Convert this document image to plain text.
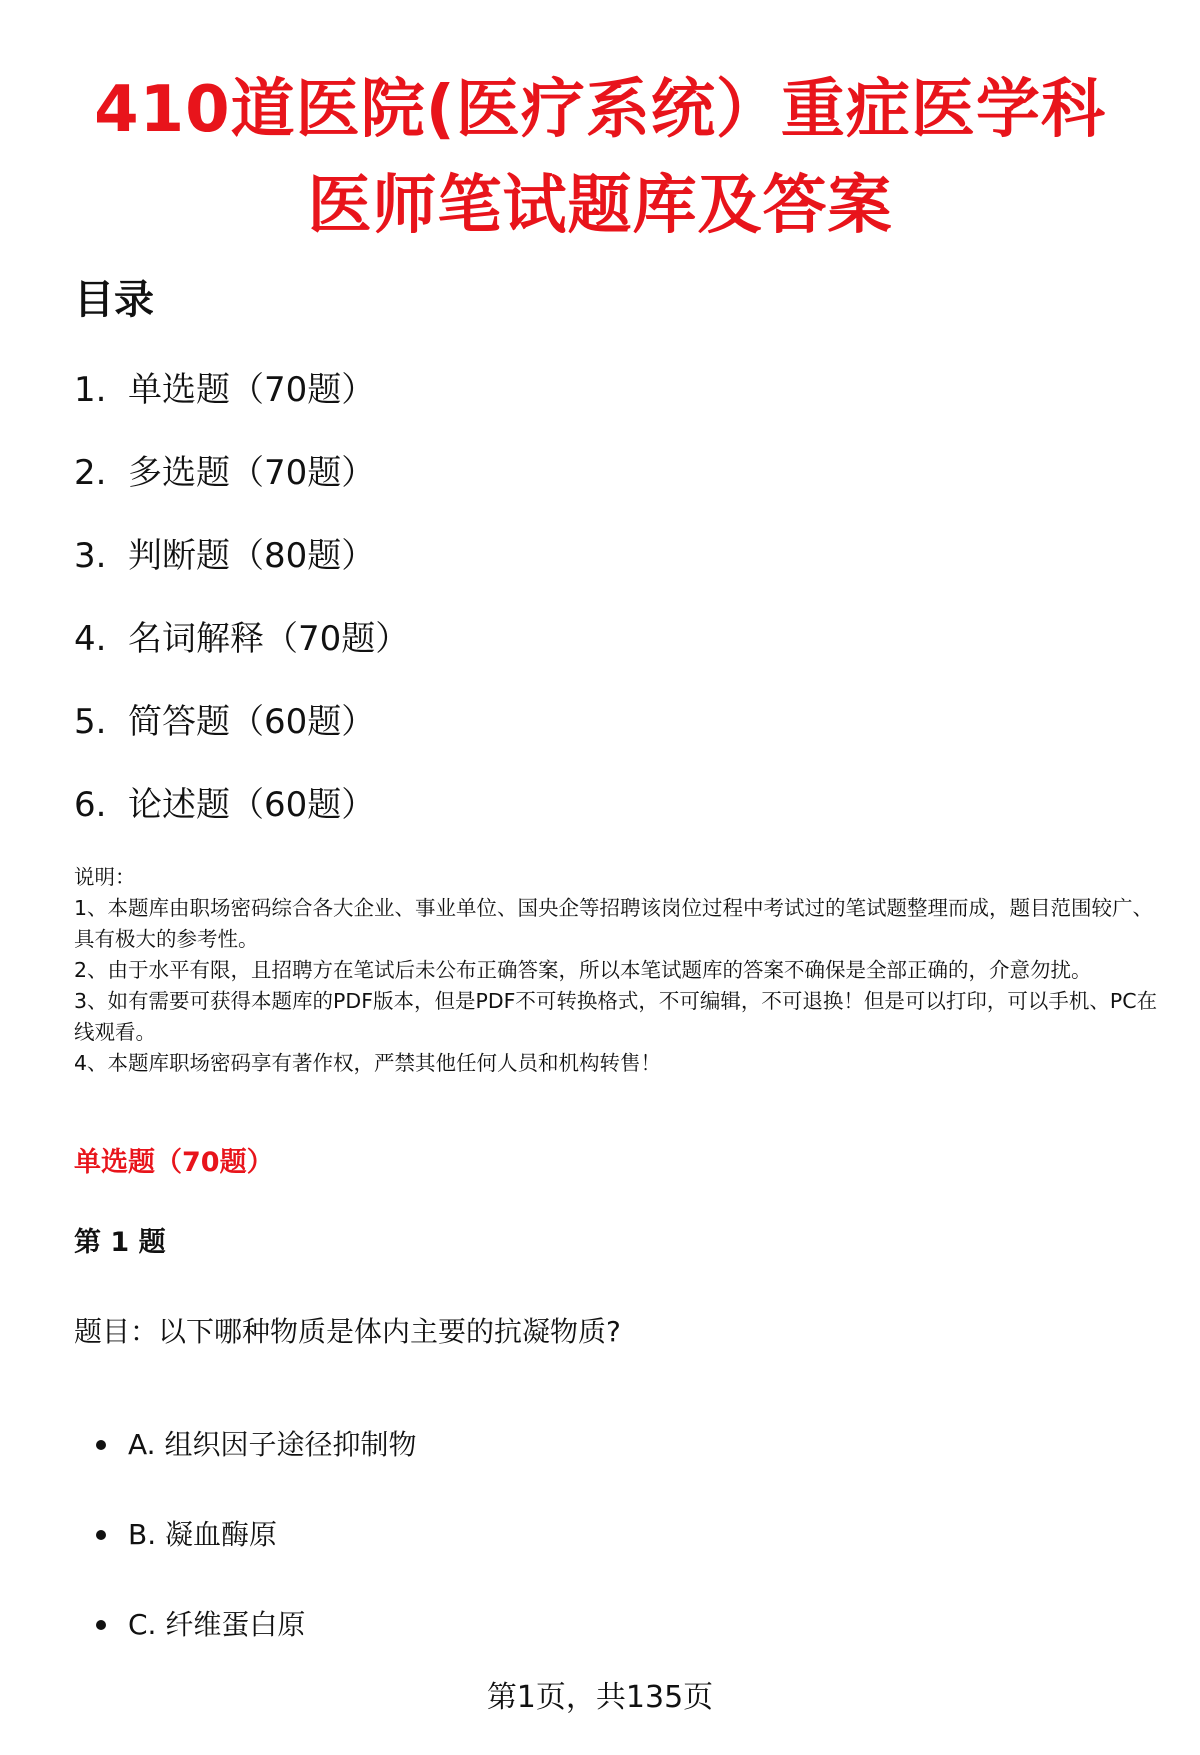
410道医院(医疗系统）重症医学科
医师笔试题库及答案
目录
1. 单选题（70题）
2. 多选题（70题）
3. 判断题（80题）
4. 名词解释（70题）
5. 简答题（60题）
6. 论述题（60题）

说明：

1、本题库由职场密码综合各大企业、事业单位、国央企等招聘该岗位过程中考试过的笔试题整理而成，题目范围较广、具有极大的参考性。

2、由于水平有限，且招聘方在笔试后未公布正确答案，所以本笔试题库的答案不确保是全部正确的，介意勿扰。

3、如有需要可获得本题库的PDF版本，但是PDF不可转换格式，不可编辑，不可退换！但是可以打印，可以手机、PC在线观看。

4、本题库职场密码享有著作权，严禁其他任何人员和机构转售！

单选题（70题）
第 1 题
题目：以下哪种物质是体内主要的抗凝物质?
A. 组织因子途径抑制物
B. 凝血酶原
C. 纤维蛋白原
第1页，共135页
